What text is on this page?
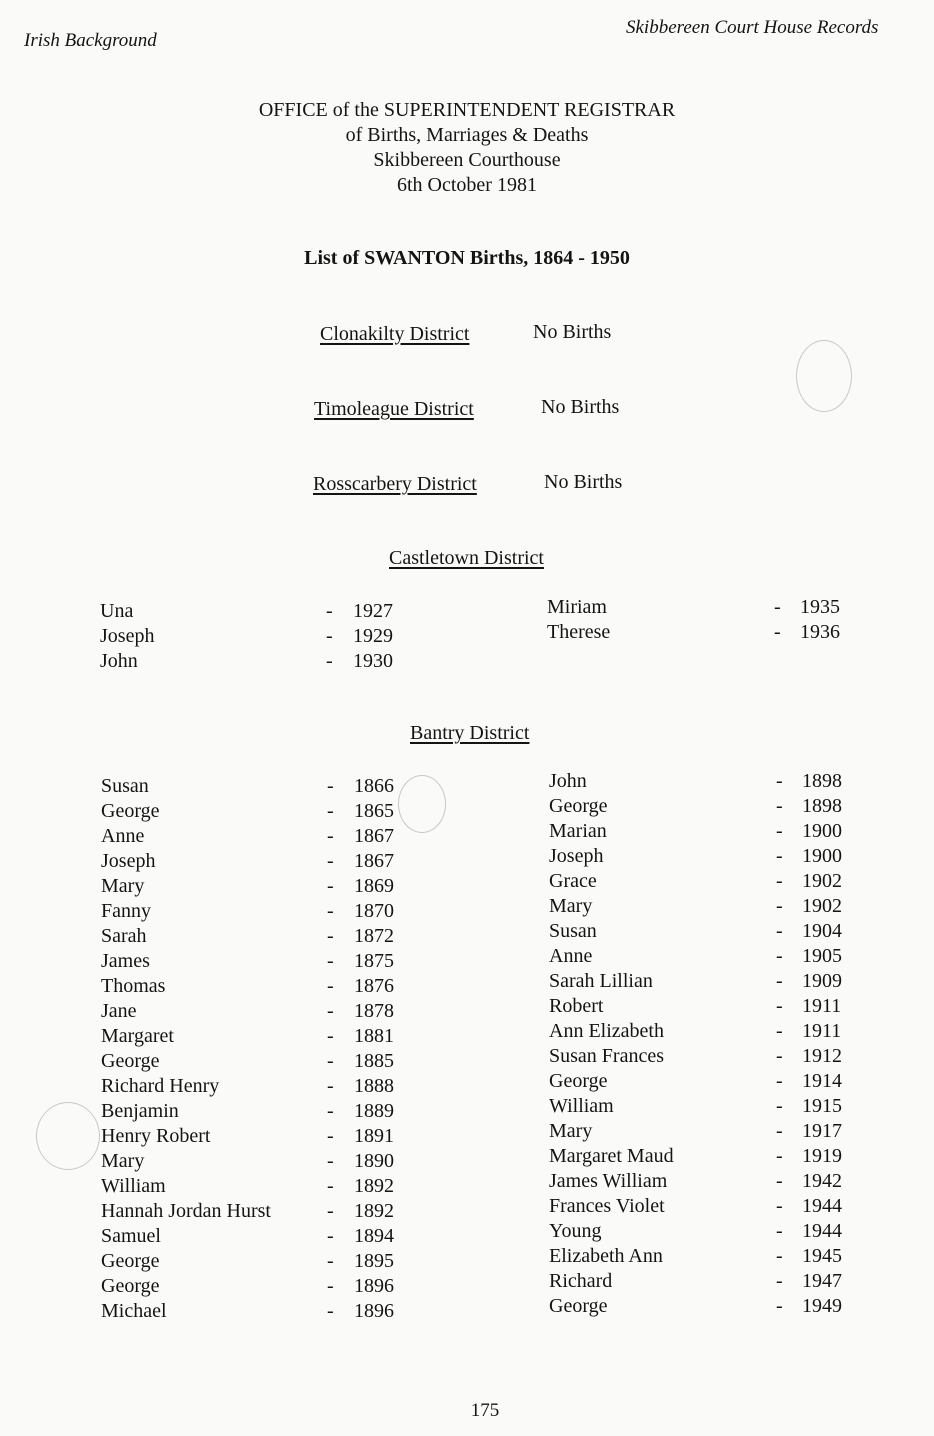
Irish Background
Skibbereen Court House Records
OFFICE of the SUPERINTENDENT REGISTRAR
of Births, Marriages & Deaths
Skibbereen Courthouse
6th October 1981
List of SWANTON Births, 1864 - 1950
Clonakilty District	No Births
Timoleague District	No Births
Rosscarbery District	No Births
Castletown District
Una	- 1927
Joseph	- 1929
John	- 1930
Miriam	- 1935
Therese	- 1936
Bantry District
Susan	- 1866
George	- 1865
Anne	- 1867
Joseph	- 1867
Mary	- 1869
Fanny	- 1870
Sarah	- 1872
James	- 1875
Thomas	- 1876
Jane	- 1878
Margaret	- 1881
George	- 1885
Richard Henry	- 1888
Benjamin	- 1889
Henry Robert	- 1891
Mary	- 1890
William	- 1892
Hannah Jordan Hurst	- 1892
Samuel	- 1894
George	- 1895
George	- 1896
Michael	- 1896
John	- 1898
George	- 1898
Marian	- 1900
Joseph	- 1900
Grace	- 1902
Mary	- 1902
Susan	- 1904
Anne	- 1905
Sarah Lillian	- 1909
Robert	- 1911
Ann Elizabeth	- 1911
Susan Frances	- 1912
George	- 1914
William	- 1915
Mary	- 1917
Margaret Maud	- 1919
James William	- 1942
Frances Violet	- 1944
Young	- 1944
Elizabeth Ann	- 1945
Richard	- 1947
George	- 1949
175
